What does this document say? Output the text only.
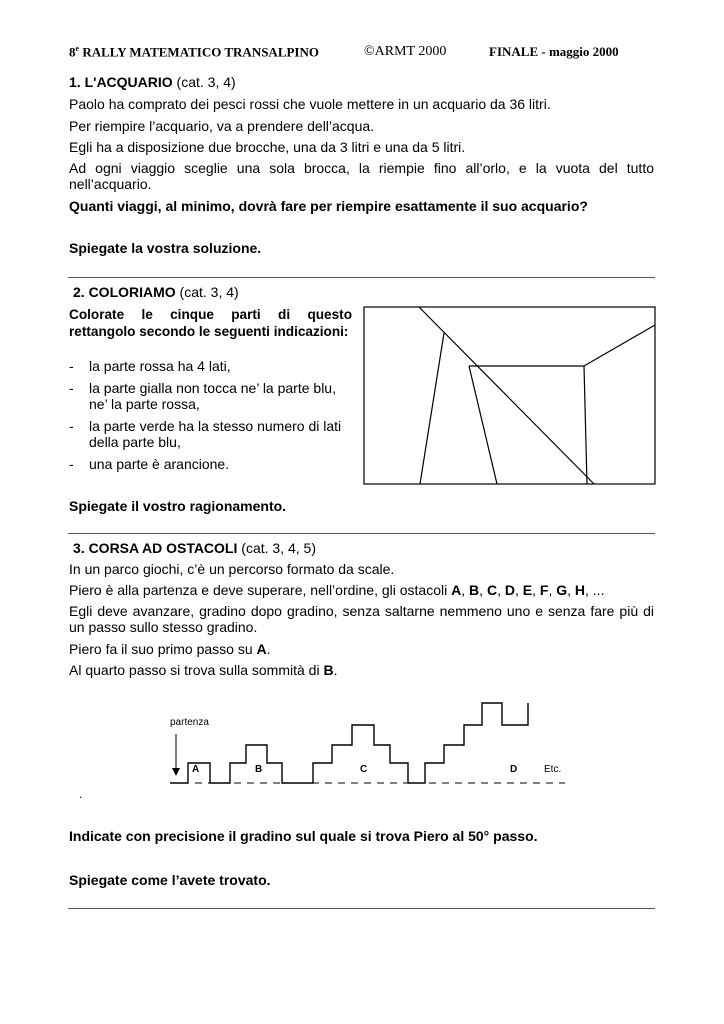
8e RALLY MATEMATICO TRANSALPINO	©ARMT 2000	FINALE - maggio 2000
1. L'ACQUARIO (cat. 3, 4)
Paolo ha comprato dei pesci rossi che vuole mettere in un acquario da 36 litri.
Per riempire l’acquario, va a prendere dell’acqua.
Egli ha a disposizione due brocche, una da 3 litri e una da 5 litri.
Ad ogni viaggio sceglie una sola brocca, la riempie fino all’orlo, e la vuota del tutto nell’acquario.
Quanti viaggi, al minimo, dovrà fare per riempire esattamente il suo acquario?
Spiegate la vostra soluzione.
2. COLORIAMO (cat. 3, 4)
Colorate le cinque parti di questo rettangolo secondo le seguenti indicazioni:
- la parte rossa ha 4 lati,
- la parte gialla non tocca ne’ la parte blu, ne’ la parte rossa,
- la parte verde ha la stesso numero di lati della parte blu,
- una parte è arancione.
Spiegate il vostro ragionamento.
3. CORSA AD OSTACOLI (cat. 3, 4, 5)
In un parco giochi, c’è un percorso formato da scale.
Piero è alla partenza e deve superare, nell’ordine, gli ostacoli A, B, C, D, E, F, G, H, ...
Egli deve avanzare, gradino dopo gradino, senza saltarne nemmeno uno e senza fare più di un passo sullo stesso gradino.
Piero fa il suo primo passo su A.
Al quarto passo si trova sulla sommità di B.
partenza
A	B	C	D	Etc.
.
Indicate con precisione il gradino sul quale si trova Piero al 50° passo.
Spiegate come l’avete trovato.
